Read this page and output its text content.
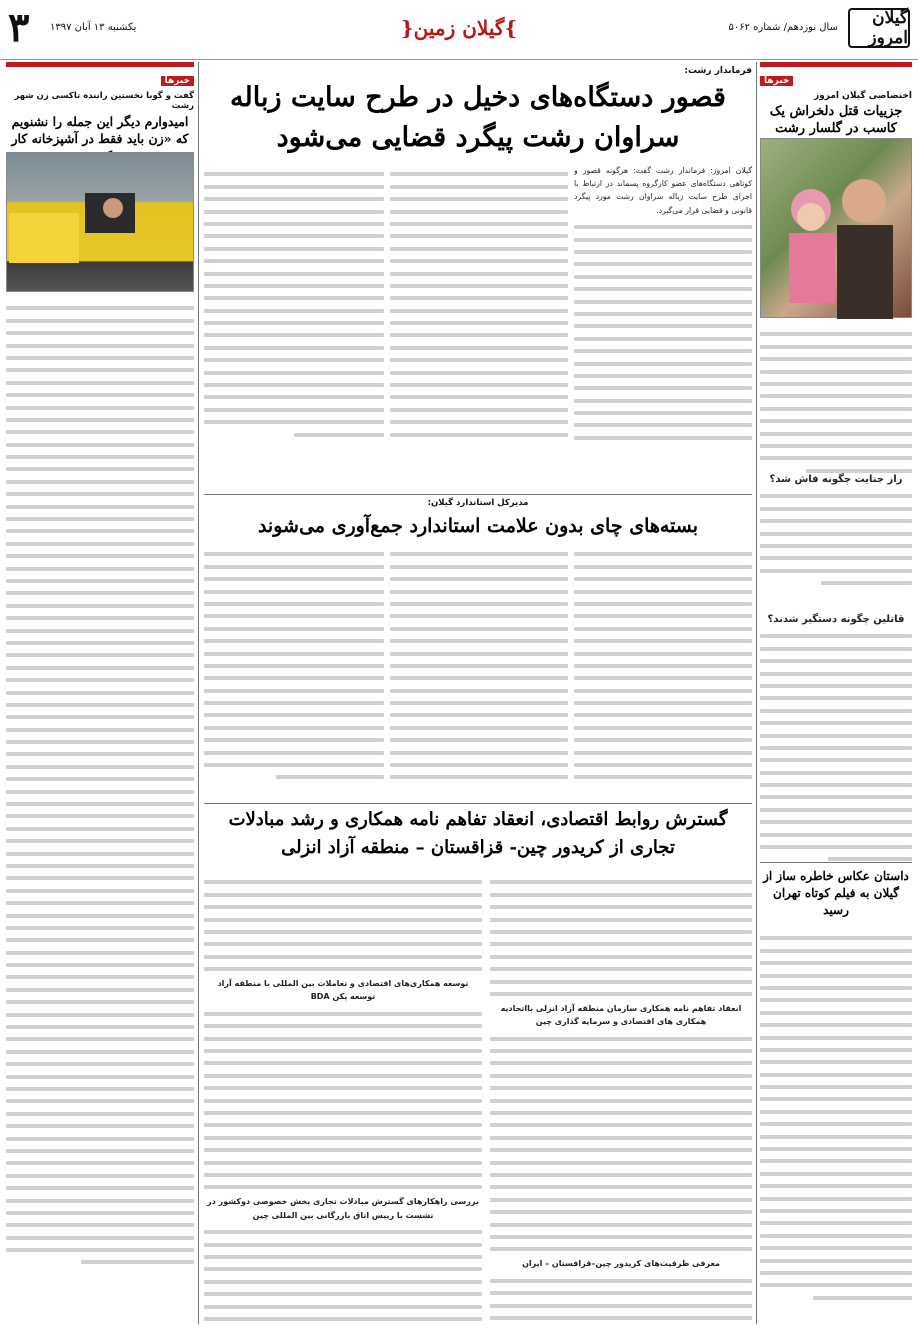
گیلان امروز
سال نوزدهم/ شماره ۵۰۶۲
}گیلان زمین{
یکشنبه ۱۳ آبان ۱۳۹۷
۳
خبرها
اختصاصی گیلان امروز
جزییات قتل دلخراش یک کاسب در گلسار رشت
راز جنایت چگونه فاش شد؟
قاتلین چگونه دستگیر شدند؟
داستان عکاس خاطره ساز از گیلان به فیلم کوتاه تهران رسید
خبرها
گفت و گوبا نخستین راننده تاکسی زن شهر رشت
امیدوارم دیگر این جمله را نشنویم که «زن باید فقط در آشپزخانه کار
فرماندار رشت:
قصور دستگاه‌های دخیل در طرح سایت زباله سراوان رشت پیگرد قضایی می‌شود
گیلان امروز: فرماندار رشت گفت: هرگونه قصور و کوتاهی دستگاه‌های عضو کارگروه پسماند در ارتباط با اجرای طرح سایت زباله سراوان رشت مورد پیگرد قانونی و قضایی قرار می‌گیرد.
مدیرکل استاندارد گیلان:
بسته‌های چای بدون علامت استاندارد جمع‌آوری می‌شوند
گسترش روابط اقتصادی، انعقاد تفاهم نامه همکاری و رشد مبادلات
تجاری از کریدور چین- قزاقستان – منطقه آزاد انزلی
انعقاد تفاهم نامه همکاری سازمان منطقه آزاد انزلی بااتحادیه همکاری های اقتصادی و سرمایه گذاری چین
معرفی ظرفیت‌های کریدور چین–قزاقستان – ایران
توسعه همکاری‌های اقتصادی و تعاملات بین المللی با منطقه آزاد
توسعه پکن BDA
بررسی راهکارهای گسترش مبادلات تجاری بخش خصوصی دوکشور در نشست با رییس اتاق بازرگانی بین المللی چین
